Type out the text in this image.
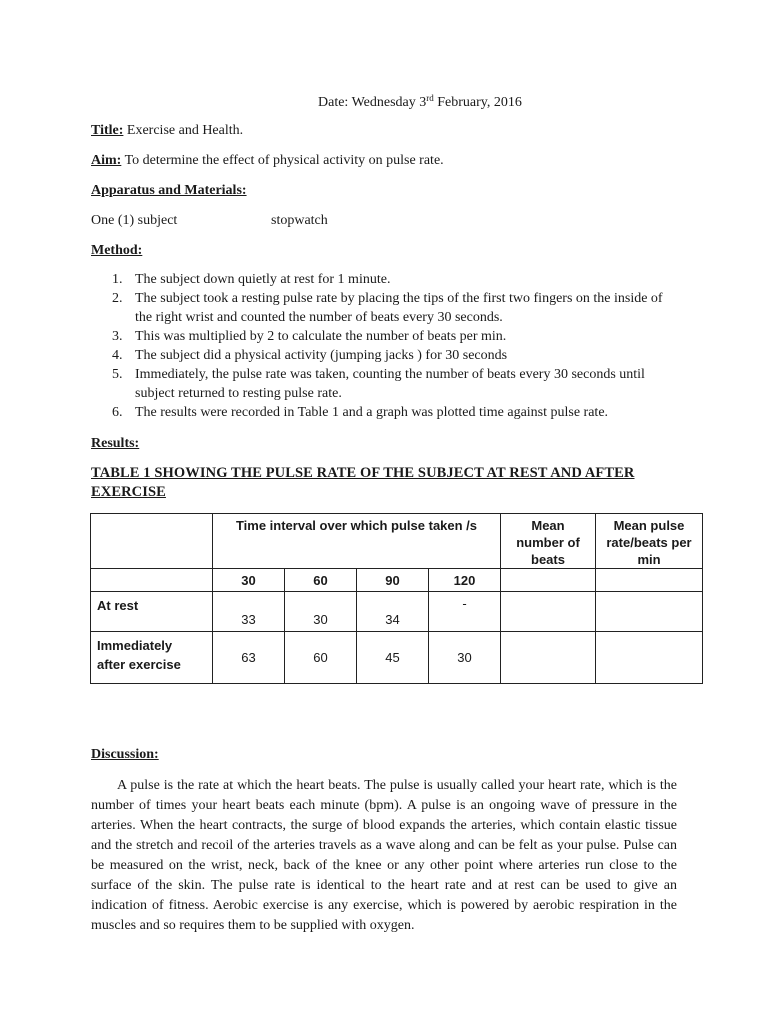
Date: Wednesday 3rd February, 2016
Title: Exercise and Health.
Aim: To determine the effect of physical activity on pulse rate.
Apparatus and Materials:
One (1) subject	stopwatch
Method:
1. The subject down quietly at rest for 1 minute.
2. The subject took a resting pulse rate by placing the tips of the first two fingers on the inside of the right wrist and counted the number of beats every 30 seconds.
3. This was multiplied by 2 to calculate the number of beats per min.
4. The subject did a physical activity (jumping jacks ) for 30 seconds
5. Immediately, the pulse rate was taken, counting the number of beats every 30 seconds until subject returned to resting pulse rate.
6. The results were recorded in Table 1 and a graph was plotted time against pulse rate.
Results:
TABLE 1 SHOWING THE PULSE RATE OF THE SUBJECT AT REST AND AFTER EXERCISE
	Time interval over which pulse taken /s				Mean number of beats	Mean pulse rate/beats per min

	30	60	90	120		
At rest	33	30	34	-		

Immediately after exercise	63	60	45	30		
Discussion:

A pulse is the rate at which the heart beats. The pulse is usually called your heart rate, which is the number of times your heart beats each minute (bpm). A pulse is an ongoing wave of pressure in the arteries. When the heart contracts, the surge of blood expands the arteries, which contain elastic tissue and the stretch and recoil of the arteries travels as a wave along and can be felt as your pulse. Pulse can be measured on the wrist, neck, back of the knee or any other point where arteries run close to the surface of the skin. The pulse rate is identical to the heart rate and at rest can be used to give an indication of fitness. Aerobic exercise is any exercise, which is powered by aerobic respiration in the muscles and so requires them to be supplied with oxygen.
